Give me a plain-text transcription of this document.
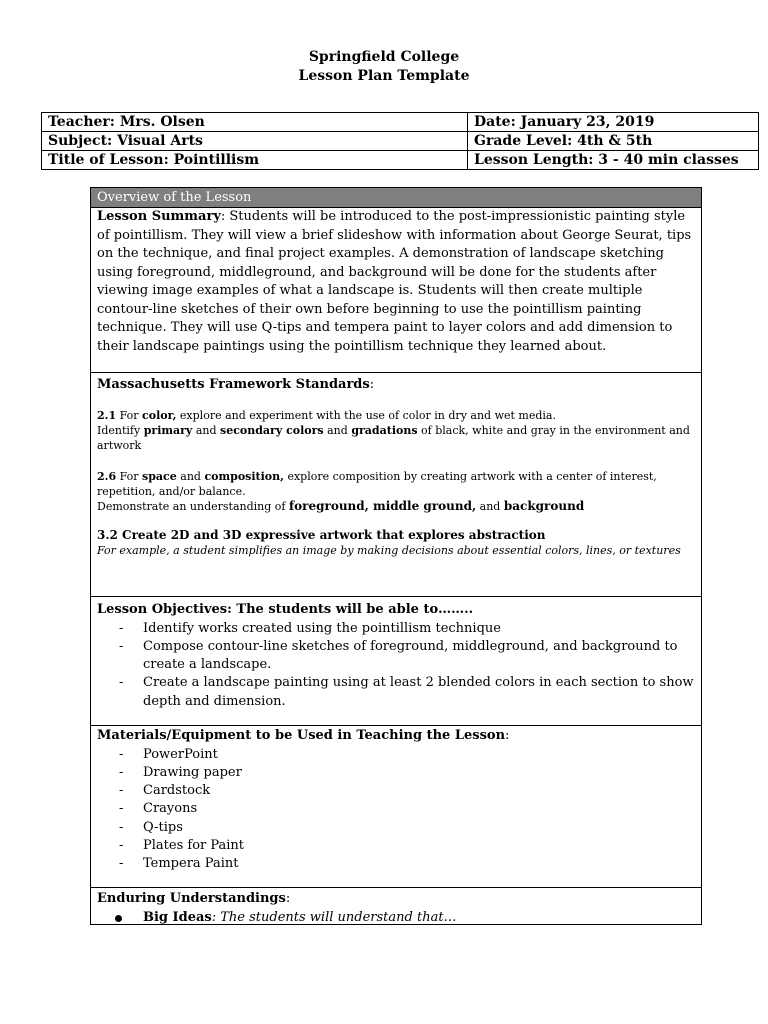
Springfield College
Lesson Plan Template
Teacher: Mrs. Olsen	Date: January 23, 2019
Subject: Visual Arts	Grade Level: 4th & 5th
Title of Lesson: Pointillism	Lesson Length: 3 - 40 min classes
Overview of the Lesson

Lesson Summary: Students will be introduced to the post-impressionistic painting style of pointillism. They will view a brief slideshow with information about George Seurat, tips on the technique, and final project examples. A demonstration of landscape sketching using foreground, middleground, and background will be done for the students after viewing image examples of what a landscape is. Students will then create multiple contour-line sketches of their own before beginning to use the pointillism painting technique. They will use Q-tips and tempera paint to layer colors and add dimension to their landscape paintings using the pointillism technique they learned about.

Massachusetts Framework Standards:

2.1 For color, explore and experiment with the use of color in dry and wet media.
Identify primary and secondary colors and gradations of black, white and gray in the environment and artwork
2.6 For space and composition, explore composition by creating artwork with a center of interest, repetition, and/or balance.
Demonstrate an understanding of foreground, middle ground, and background
3.2 Create 2D and 3D expressive artwork that explores abstraction
For example, a student simplifies an image by making decisions about essential colors, lines, or textures

Lesson Objectives: The students will be able to……..

- Identify works created using the pointillism technique
- Compose contour-line sketches of foreground, middleground, and background to create a landscape.
- Create a landscape painting using at least 2 blended colors in each section to show depth and dimension.

Materials/Equipment to be Used in Teaching the Lesson:

- PowerPoint
- Drawing paper
- Cardstock
- Crayons
- Q-tips
- Plates for Paint
- Tempera Paint

Enduring Understandings:

Big Ideas: The students will understand that…
